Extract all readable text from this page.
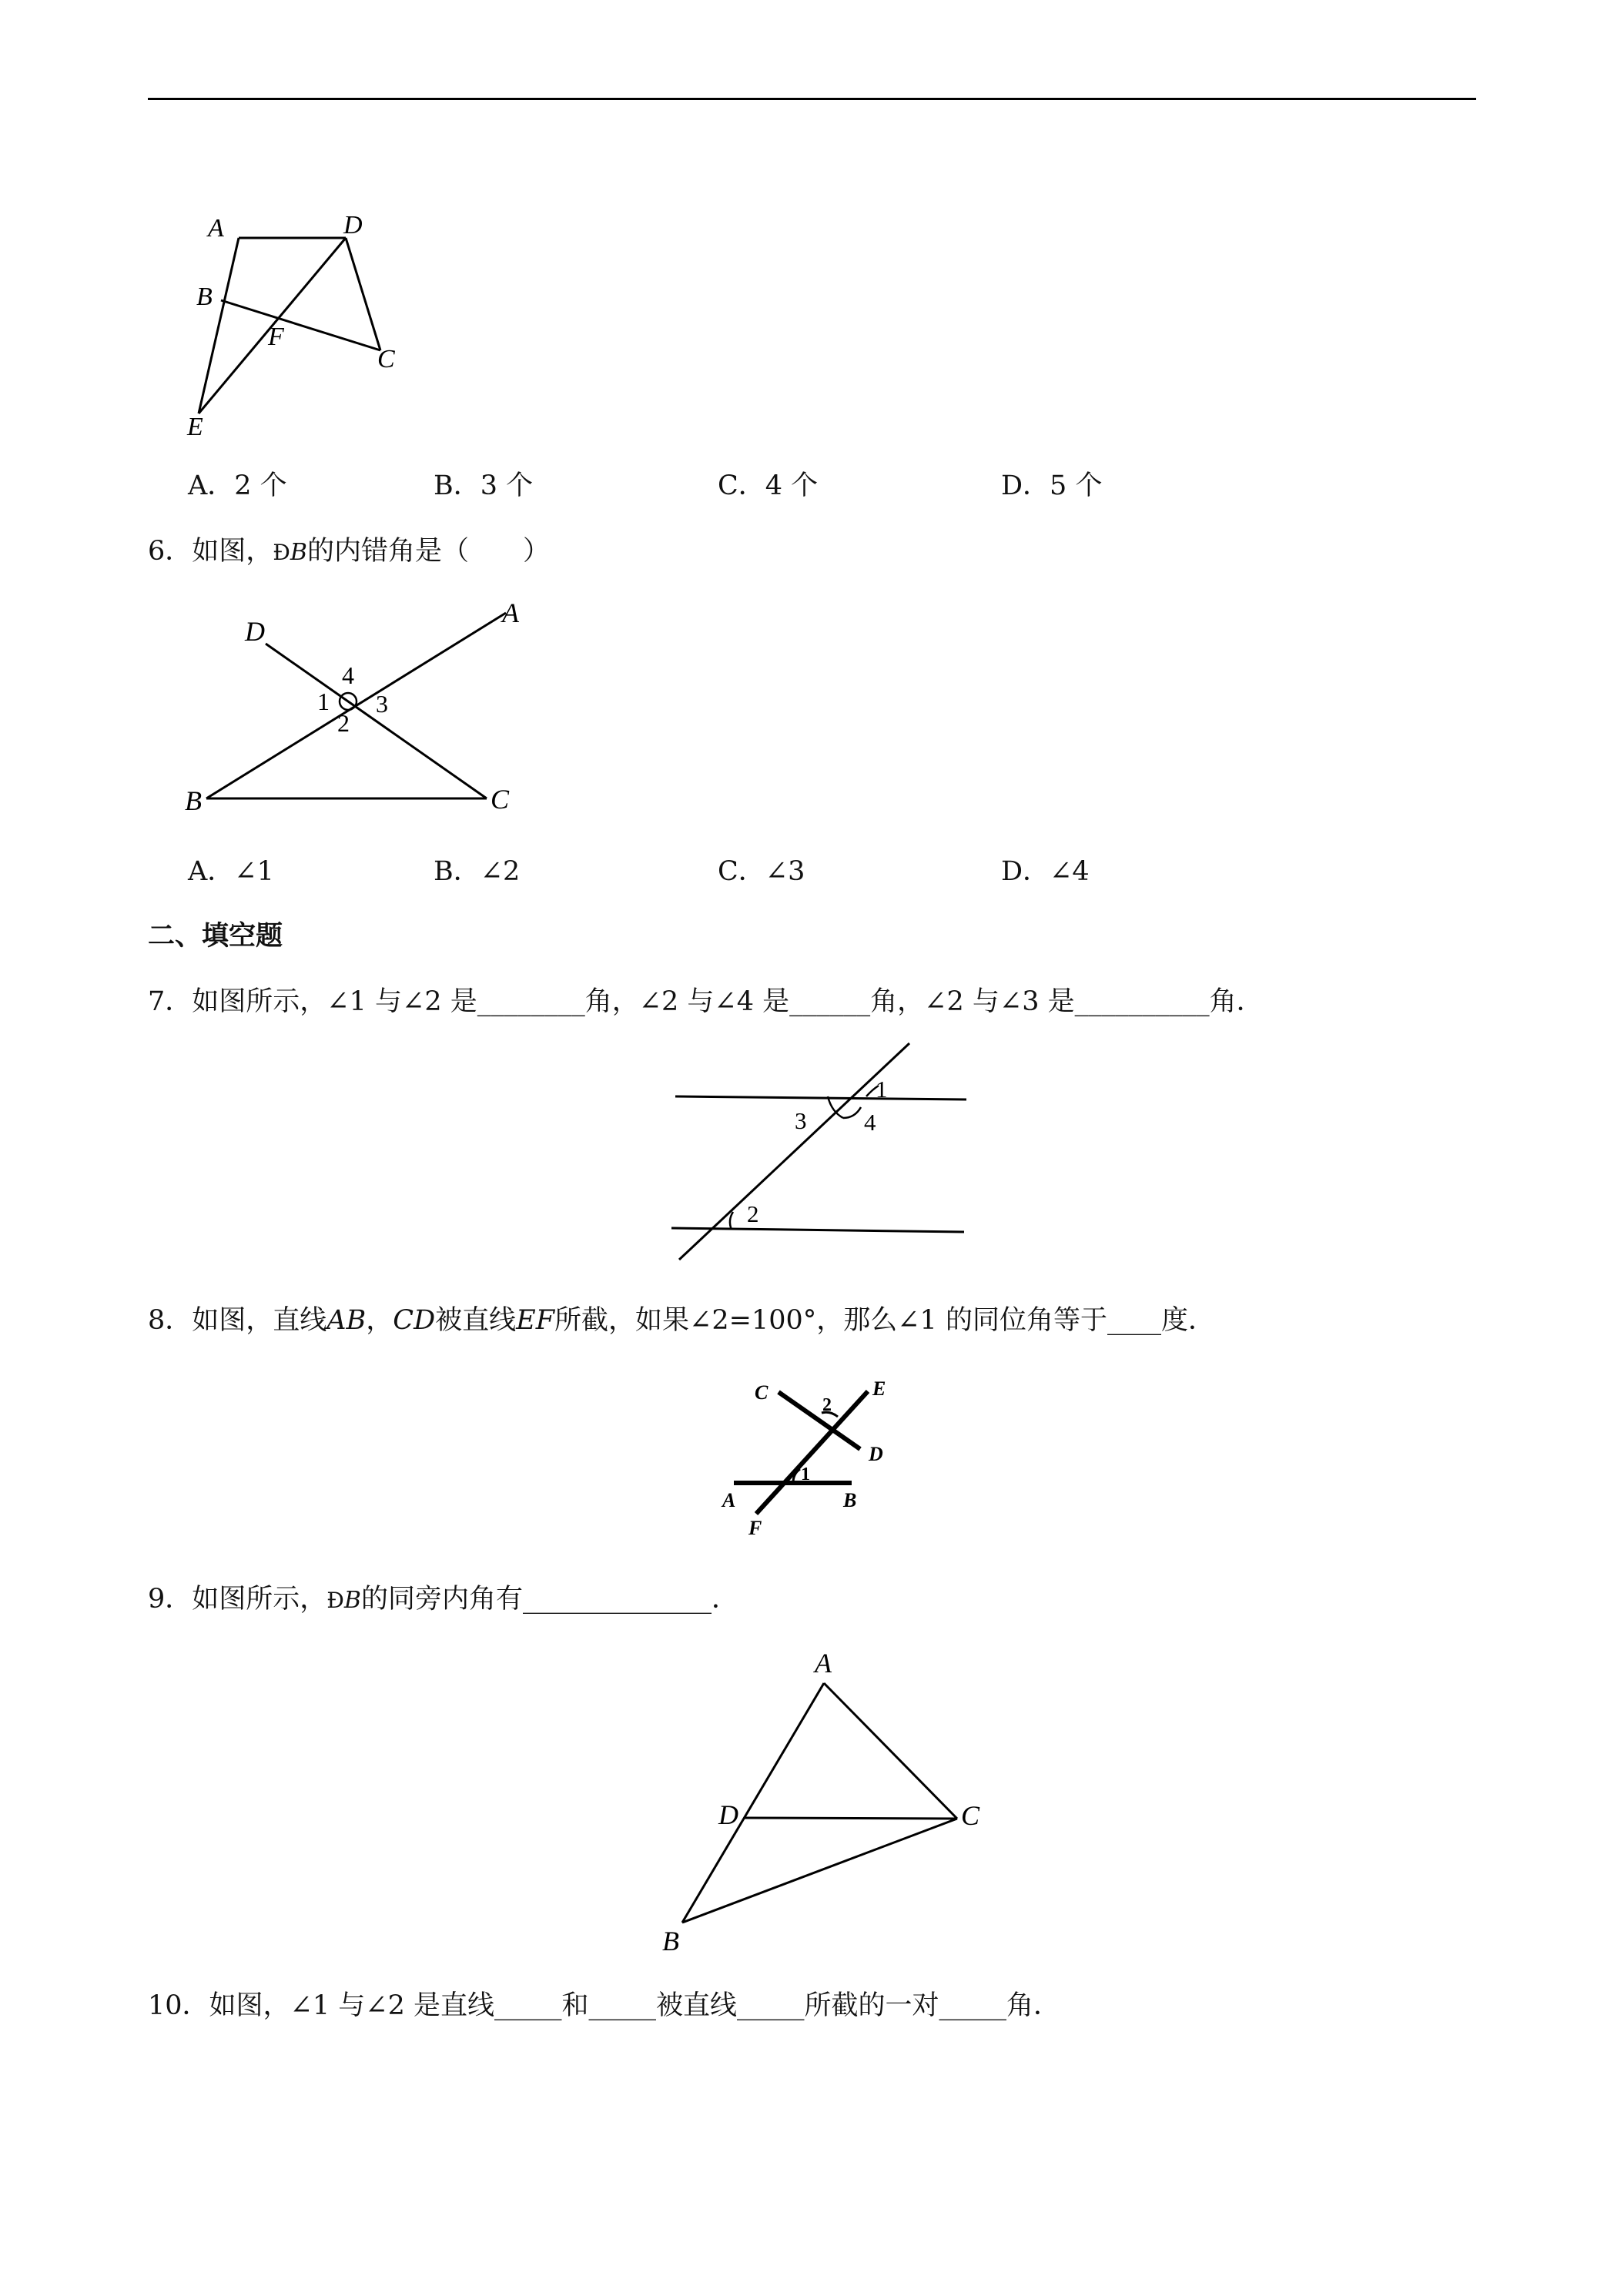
A	D
B
F
C
E
A．2 个	B．3 个	C．4 个	D．5 个
6．如图，ÐB的内错角是（　　）
D
A
B	C
1
2
3
4
A．∠1	B．∠2	C．∠3	D．∠4
二、填空题
7．如图所示，∠1 与∠2 是________角，∠2 与∠4 是______角，∠2 与∠3 是__________角．
1
3 4
2
8．如图，直线AB，CD被直线EF所截，如果∠2=100°，那么∠1 的同位角等于____度．
C	E
D
A	B
F
1
2
9．如图所示，ÐB的同旁内角有______________．
A
D	C
B
10．如图，∠1 与∠2 是直线_____和_____被直线_____所截的一对_____角．
